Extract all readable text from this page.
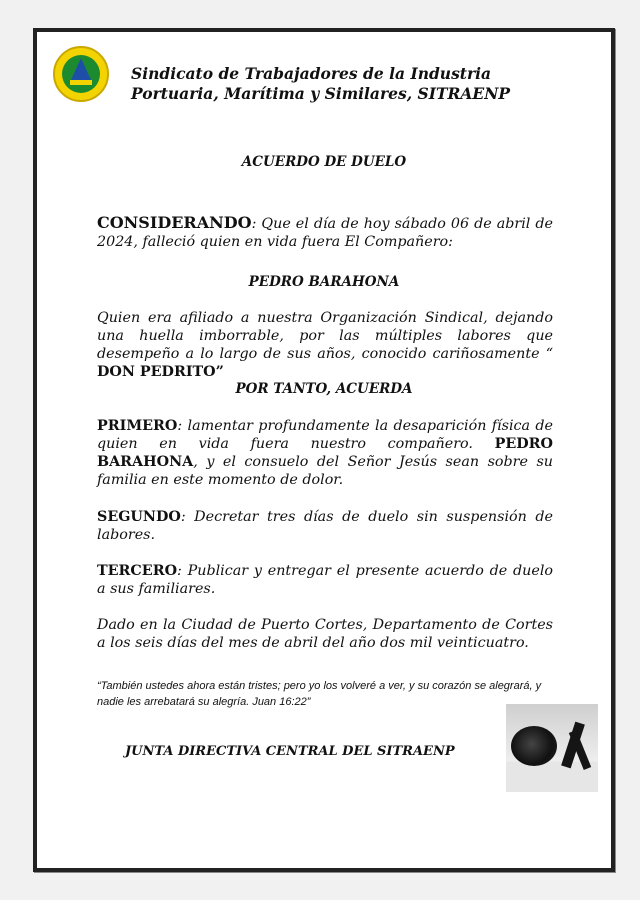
Sindicato de Trabajadores de la Industria
Portuaria, Marítima y Similares, SITRAENP
ACUERDO DE DUELO
CONSIDERANDO: Que el día de hoy sábado 06 de abril de 2024, falleció quien en vida fuera El Compañero:
PEDRO BARAHONA
Quien era afiliado a nuestra Organización Sindical, dejando una huella imborrable, por las múltiples labores que desempeño a lo largo de sus años, conocido cariñosamente “ DON PEDRITO”
POR TANTO, ACUERDA
PRIMERO: lamentar profundamente la desaparición física de quien en vida fuera nuestro compañero. PEDRO BARAHONA, y el consuelo del Señor Jesús sean sobre su familia en este momento de dolor.
SEGUNDO: Decretar tres días de duelo sin suspensión de labores.
TERCERO: Publicar y entregar el presente acuerdo de duelo a sus familiares.
Dado en la Ciudad de Puerto Cortes, Departamento de Cortes a los seis días del mes de abril del año dos mil veinticuatro.
“También ustedes ahora están tristes; pero yo los volveré a ver, y su corazón se alegrará, y nadie les arrebatará su alegría. Juan 16:22”
JUNTA DIRECTIVA CENTRAL DEL SITRAENP
